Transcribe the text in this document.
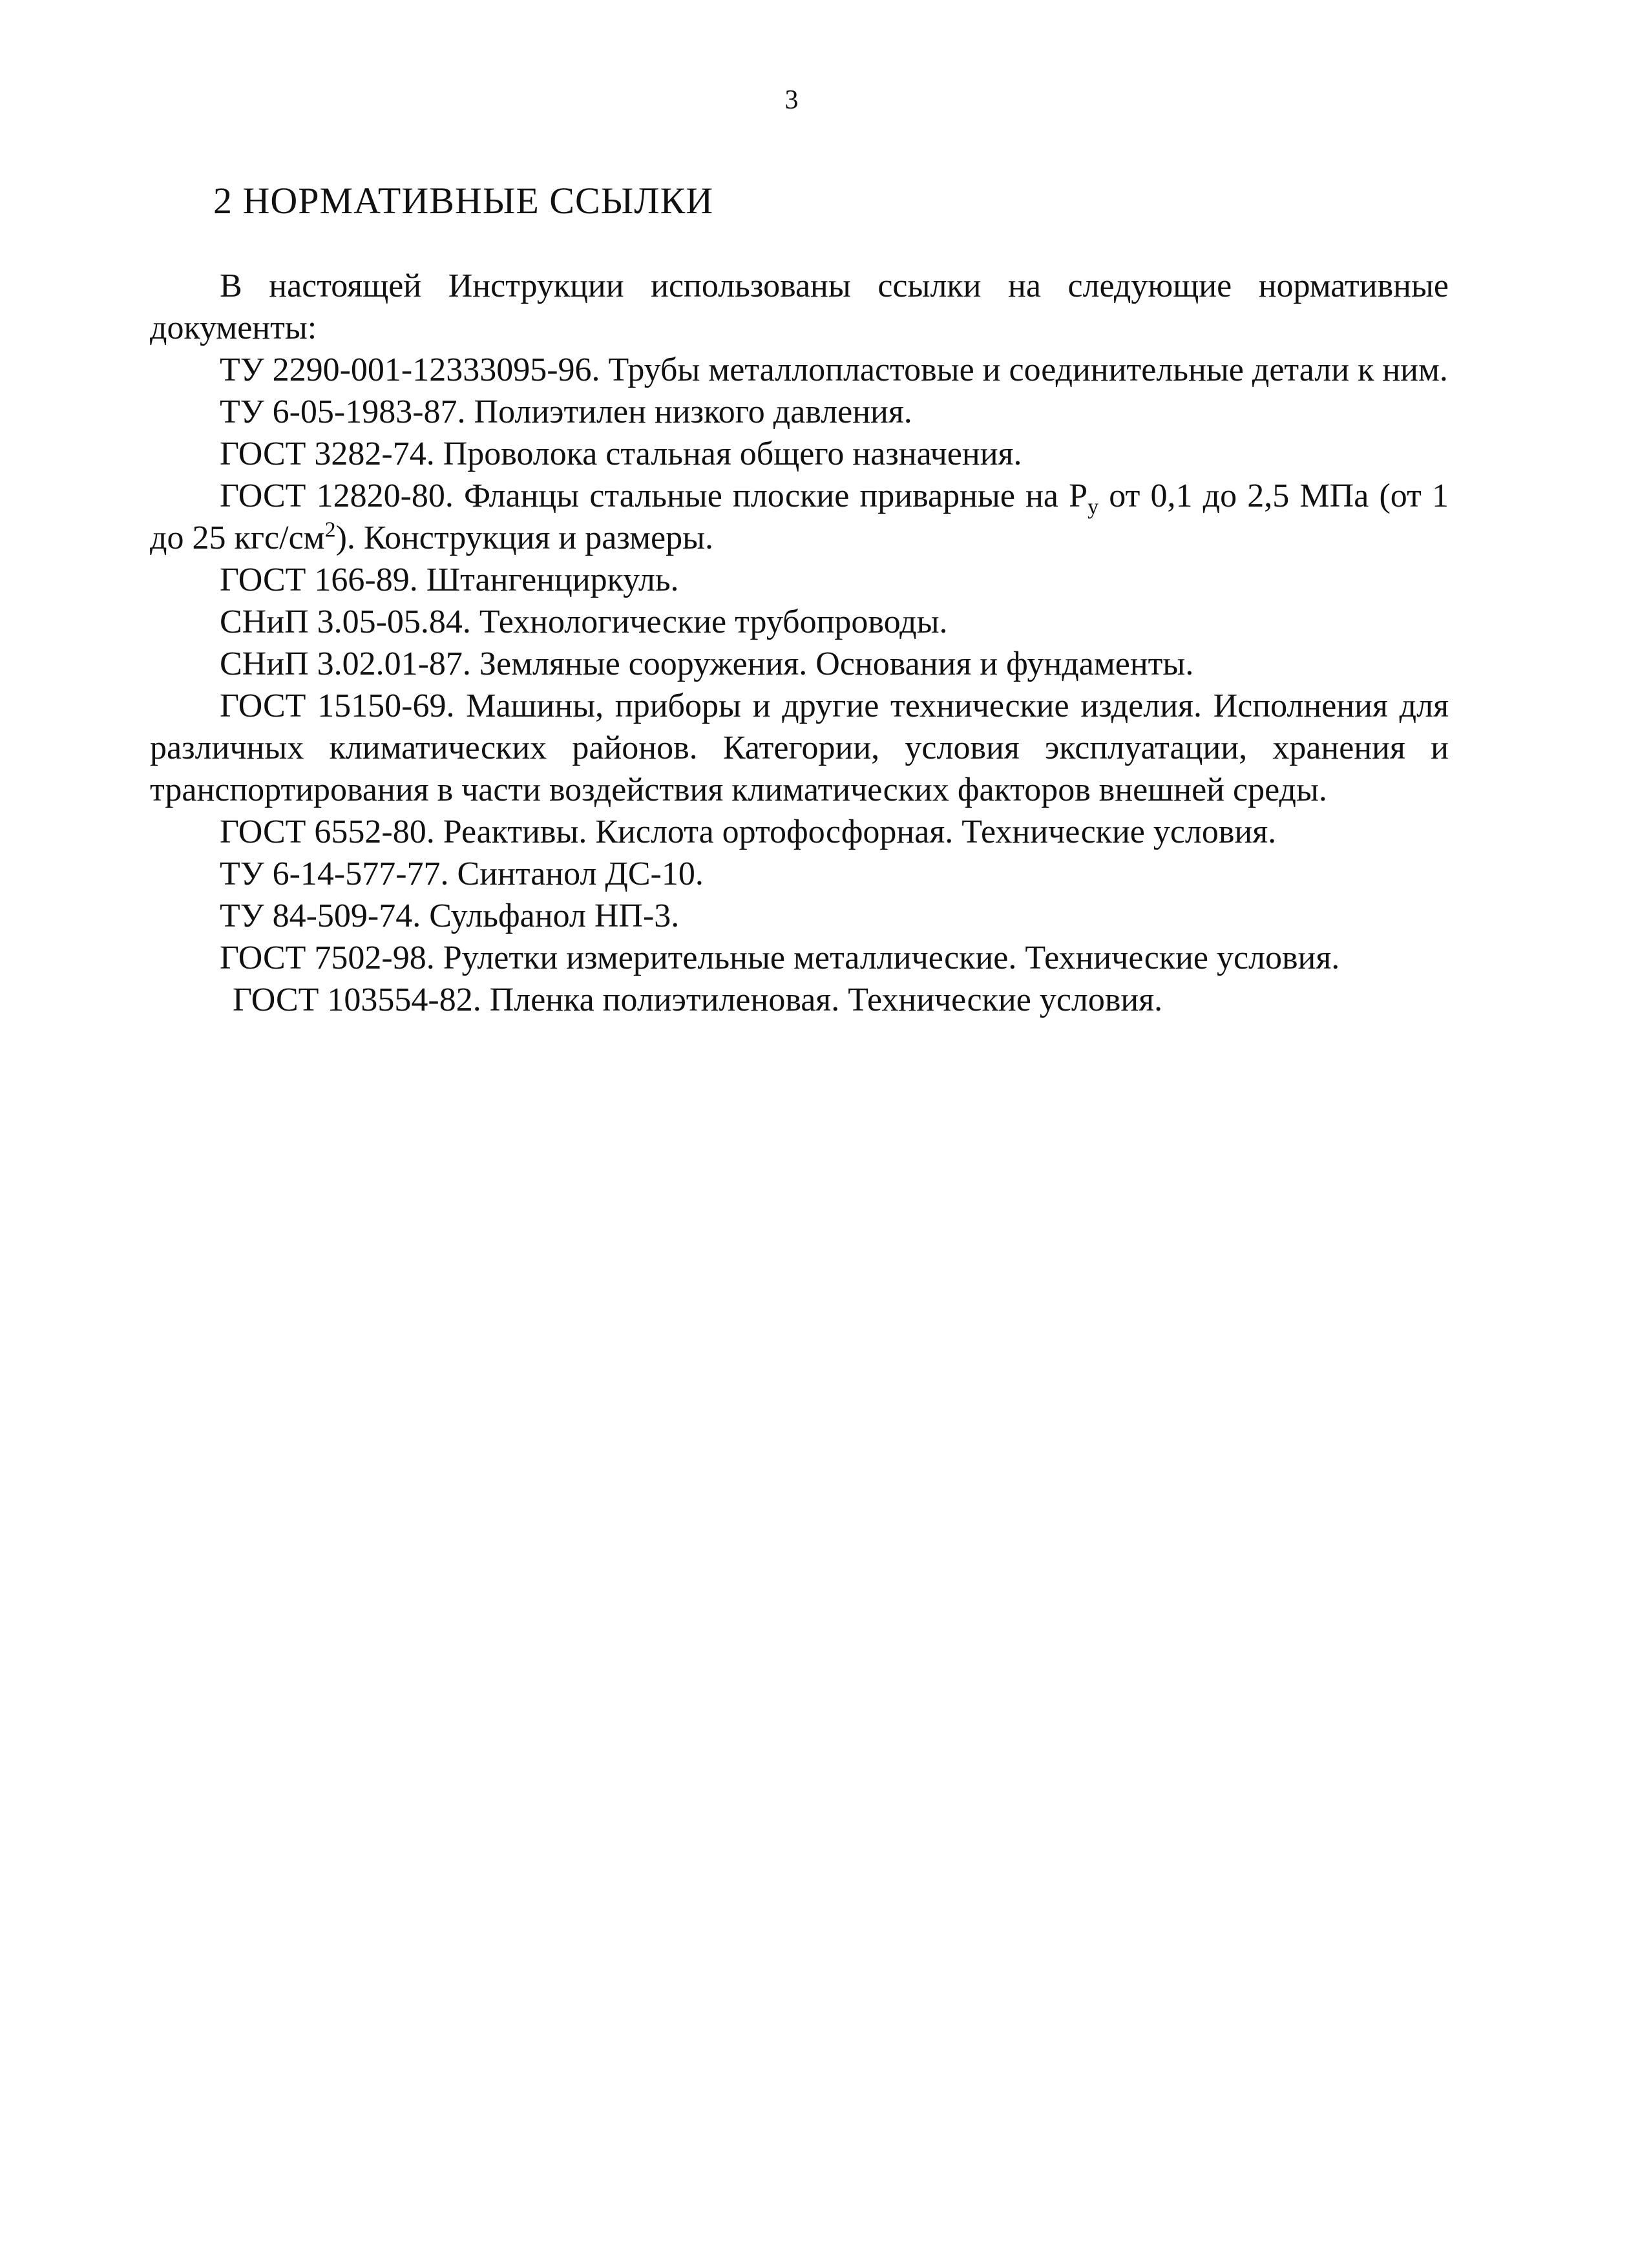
3
2 НОРМАТИВНЫЕ ССЫЛКИ

В настоящей Инструкции использованы ссылки на следующие нормативные документы:

ТУ 2290-001-12333095-96. Трубы металлопластовые и соединительные детали к ним.

ТУ 6-05-1983-87. Полиэтилен низкого давления.

ГОСТ 3282-74. Проволока стальная общего назначения.

ГОСТ 12820-80. Фланцы стальные плоские приварные на $P_y$ от 0,1 до 2,5 МПа (от 1 до 25 кгс/$см^2$). Конструкция и размеры.

ГОСТ 166-89. Штангенциркуль.

СНиП 3.05-05.84. Технологические трубопроводы.

СНиП 3.02.01-87. Земляные сооружения. Основания и фундаменты.

ГОСТ 15150-69. Машины, приборы и другие технические изделия. Исполнения для различных климатических районов. Категории, условия эксплуатации, хранения и транспортирования в части воздействия климатических факторов внешней среды.

ГОСТ 6552-80. Реактивы. Кислота ортофосфорная. Технические условия.

ТУ 6-14-577-77. Синтанол ДС-10.

ТУ 84-509-74. Сульфанол НП-3.

ГОСТ 7502-98. Рулетки измерительные металлические. Технические условия.

ГОСТ 103554-82. Пленка полиэтиленовая. Технические условия.
